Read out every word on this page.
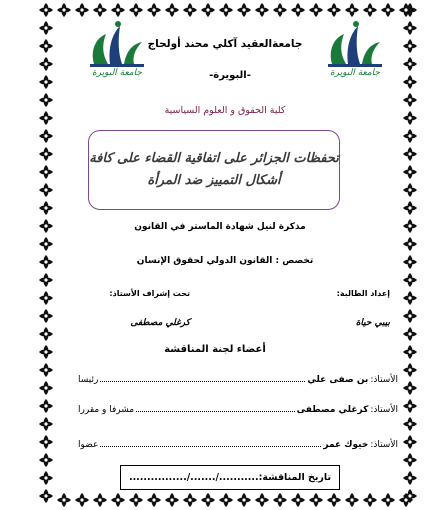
جامعة البويرة	جامعة البويرة
جامعةالعقيد آكلي محند أولحاج
-البويرة-
كلية الحقوق و العلوم السياسية
تحفظات الجزائر على اتفاقية القضاء على كافة
أشكال التمييز ضد المرأة
مذكرة لنيل شهادة الماستر في القانون
تخصص : القانون الدولي لحقوق الإنسان
إعداد الطالبة:
تحت إشراف الأستاذ:
بيبي حياة
كرغلي مصطفى
أعضاء لجنة المناقشة
الأستاذ:
بن صفى علي
رئيسا
الأستاذ:
كرغلي مصطفى
مشرفا و مقررا
الأستاذ:
خيوك عمر
عضوا
تاريخ المناقشة:.........../......./................
